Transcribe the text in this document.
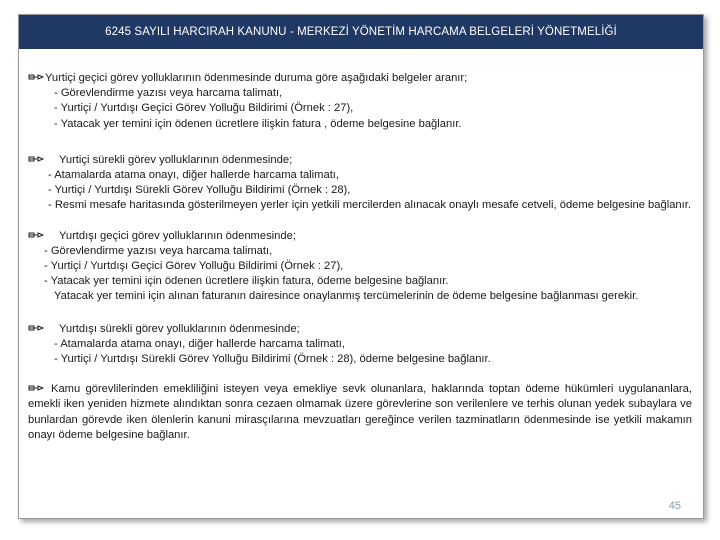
6245 SAYILI HARCIRAH KANUNU - MERKEZİ YÖNETİM HARCAMA BELGELERİ YÖNETMELİĞİ

Yurtiçi geçici görev yolluklarının ödenmesinde duruma göre aşağıdaki belgeler aranır;

- Görevlendirme yazısı veya harcama talimatı,

- Yurtiçi / Yurtdışı Geçici Görev Yolluğu Bildirimi (Örnek : 27),

- Yatacak yer temini için ödenen ücretlere ilişkin fatura , ödeme belgesine bağlanır.

Yurtiçi sürekli görev yolluklarının ödenmesinde;

- Atamalarda atama onayı, diğer hallerde harcama talimatı,

- Yurtiçi / Yurtdışı Sürekli Görev Yolluğu Bildirimi (Örnek : 28),

- Resmi mesafe haritasında gösterilmeyen yerler için yetkili mercilerden alınacak onaylı mesafe cetveli, ödeme belgesine bağlanır.

Yurtdışı geçici görev yolluklarının ödenmesinde;

- Görevlendirme yazısı veya harcama talimatı,

- Yurtiçi / Yurtdışı Geçici Görev Yolluğu Bildirimi (Örnek : 27),

- Yatacak yer temini için ödenen ücretlere ilişkin fatura, ödeme belgesine bağlanır.

Yatacak yer temini için alınan faturanın dairesince onaylanmış tercümelerinin de ödeme belgesine bağlanması gerekir.

Yurtdışı sürekli görev yolluklarının ödenmesinde;

- Atamalarda atama onayı, diğer hallerde harcama talimatı,

- Yurtiçi / Yurtdışı Sürekli Görev Yolluğu Bildirimi (Örnek : 28), ödeme belgesine bağlanır.

Kamu görevlilerinden emekliliğini isteyen veya emekliye sevk olunanlara, haklarında toptan ödeme hükümleri uygulananlara, emekli iken yeniden hizmete alındıktan sonra cezaen olmamak üzere görevlerine son verilenlere ve terhis olunan yedek subaylara ve bunlardan görevde iken ölenlerin kanuni mirasçılarına mevzuatları gereğince verilen tazminatların ödenmesinde ise yetkili makamın onayı ödeme belgesine bağlanır.

45
